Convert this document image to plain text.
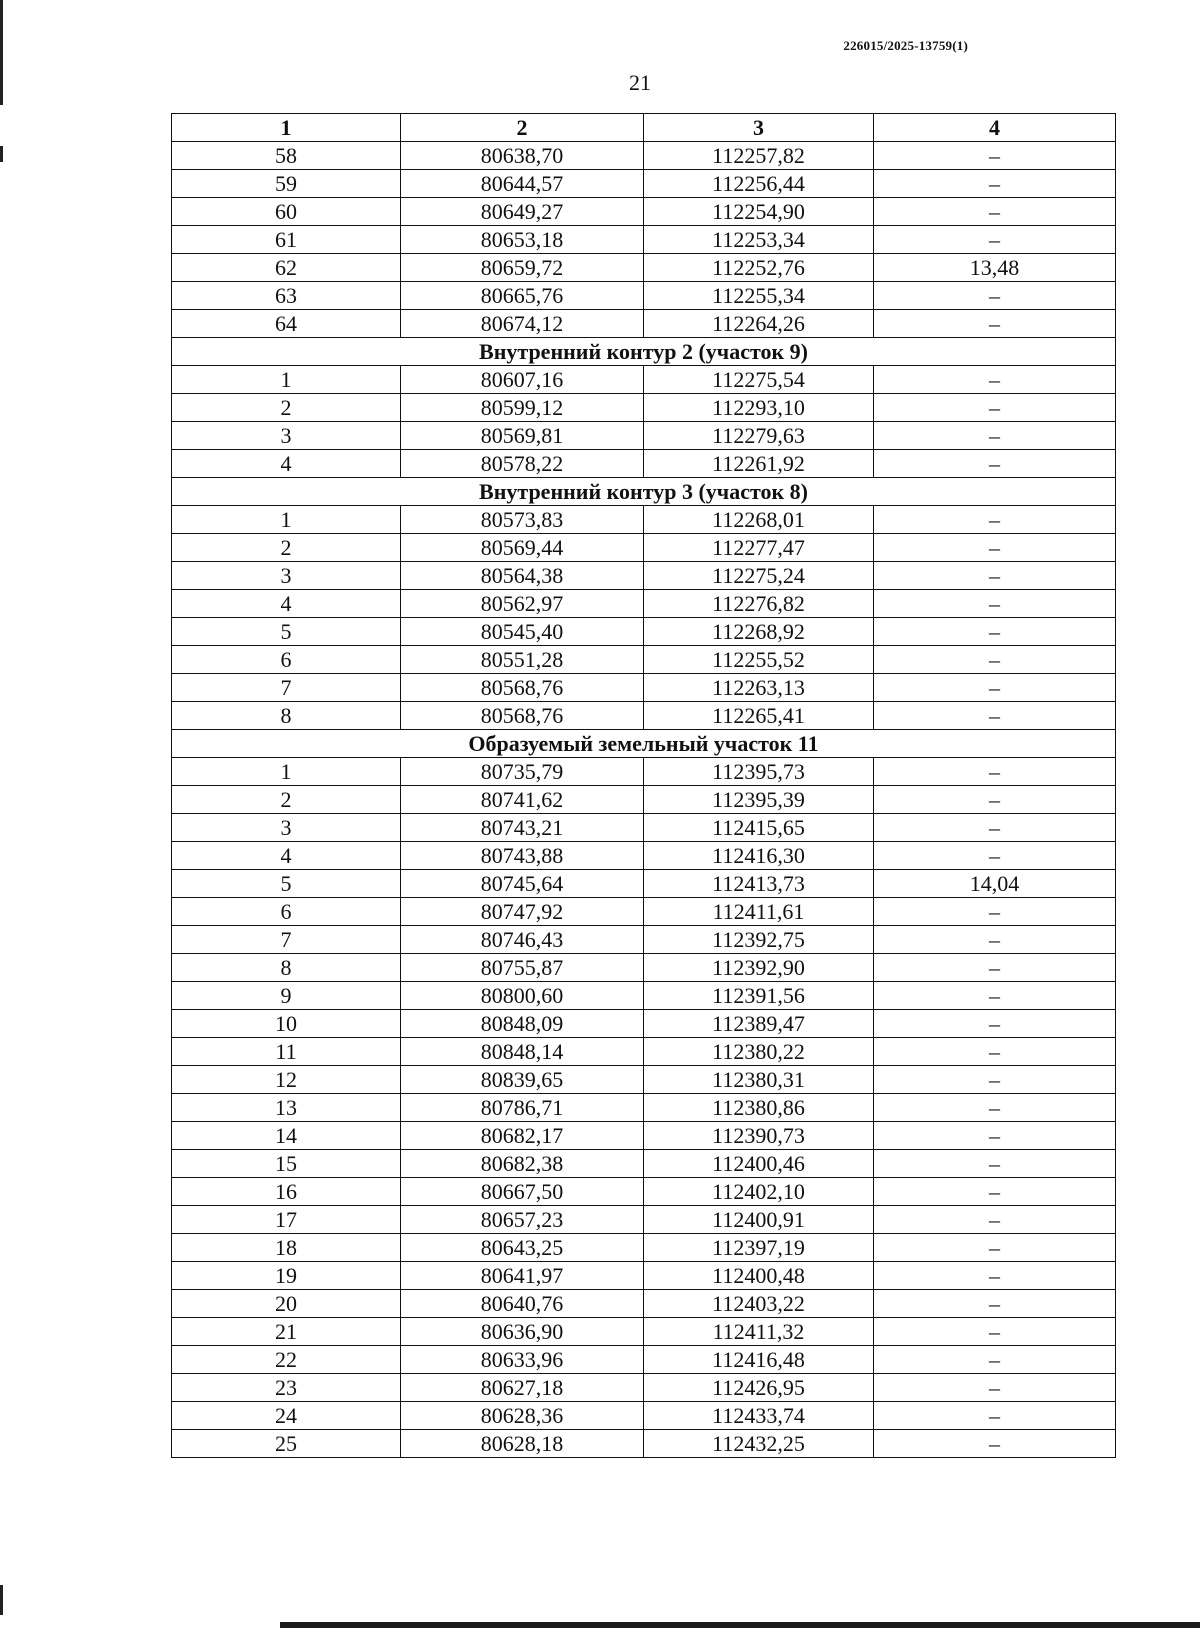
226015/2025-13759(1)
21
1	2	3	4
58	80638,70	112257,82	–
59	80644,57	112256,44	–
60	80649,27	112254,90	–
61	80653,18	112253,34	–
62	80659,72	112252,76	13,48
63	80665,76	112255,34	–
64	80674,12	112264,26	–
Внутренний контур 2 (участок 9)			
1	80607,16	112275,54	–
2	80599,12	112293,10	–
3	80569,81	112279,63	–
4	80578,22	112261,92	–
Внутренний контур 3 (участок 8)			
1	80573,83	112268,01	–
2	80569,44	112277,47	–
3	80564,38	112275,24	–
4	80562,97	112276,82	–
5	80545,40	112268,92	–
6	80551,28	112255,52	–
7	80568,76	112263,13	–
8	80568,76	112265,41	–
Образуемый земельный участок 11			
1	80735,79	112395,73	–
2	80741,62	112395,39	–
3	80743,21	112415,65	–
4	80743,88	112416,30	–
5	80745,64	112413,73	14,04
6	80747,92	112411,61	–
7	80746,43	112392,75	–
8	80755,87	112392,90	–
9	80800,60	112391,56	–
10	80848,09	112389,47	–
11	80848,14	112380,22	–
12	80839,65	112380,31	–
13	80786,71	112380,86	–
14	80682,17	112390,73	–
15	80682,38	112400,46	–
16	80667,50	112402,10	–
17	80657,23	112400,91	–
18	80643,25	112397,19	–
19	80641,97	112400,48	–
20	80640,76	112403,22	–
21	80636,90	112411,32	–
22	80633,96	112416,48	–
23	80627,18	112426,95	–
24	80628,36	112433,74	–
25	80628,18	112432,25	–
